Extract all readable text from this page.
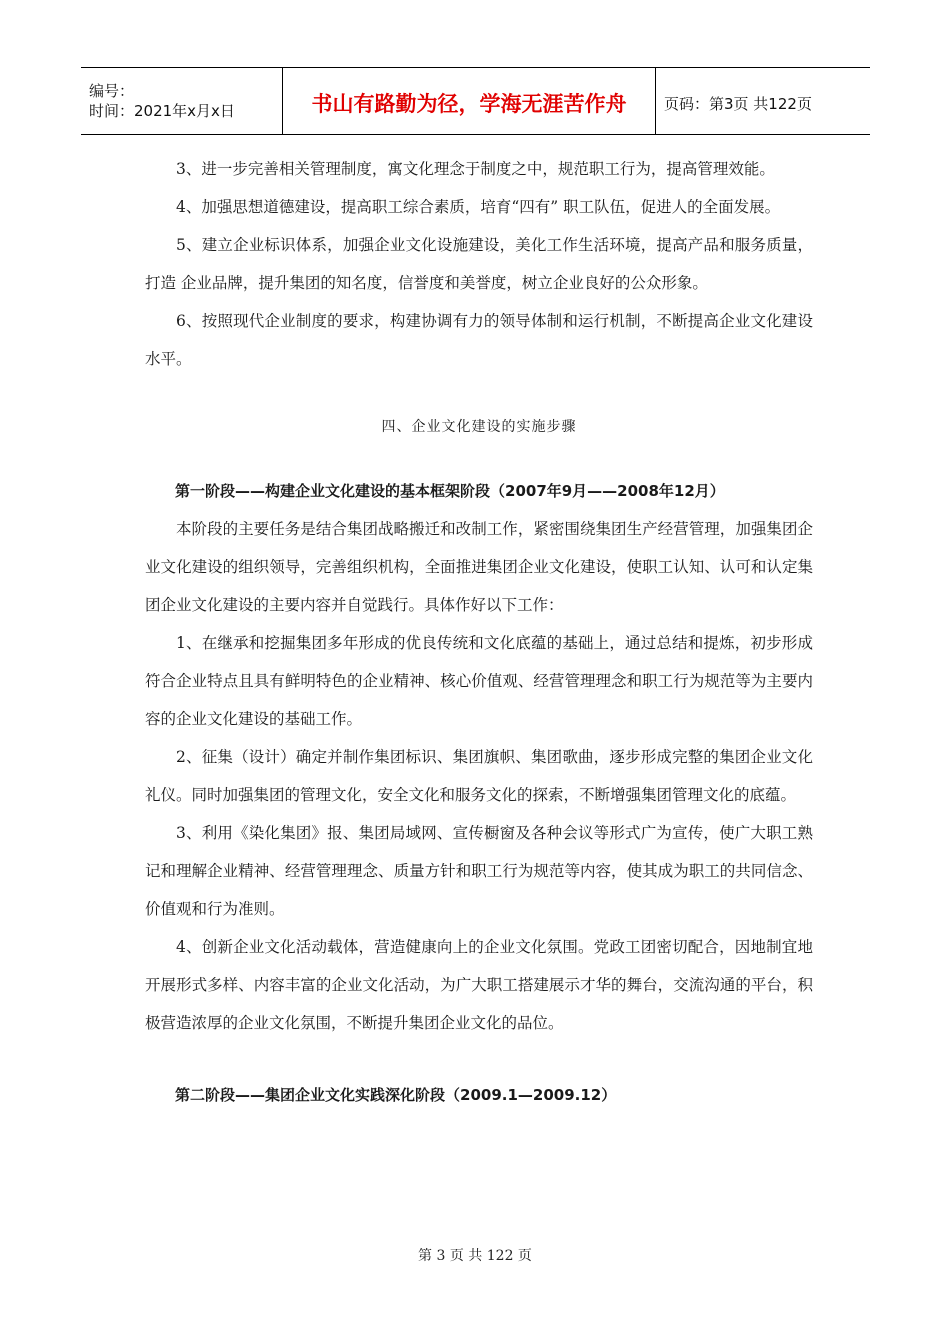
编号：
时间：2021年x月x日	书山有路勤为径，学海无涯苦作舟	页码：第3页 共122页

3、进一步完善相关管理制度，寓文化理念于制度之中，规范职工行为，提高管理效能。

4、加强思想道德建设，提高职工综合素质，培育“四有” 职工队伍，促进人的全面发展。

5、建立企业标识体系，加强企业文化设施建设，美化工作生活环境，提高产品和服务质量，打造 企业品牌，提升集团的知名度，信誉度和美誉度，树立企业良好的公众形象。

6、按照现代企业制度的要求，构建协调有力的领导体制和运行机制，不断提高企业文化建设水平。

四、企业文化建设的实施步骤
第一阶段——构建企业文化建设的基本框架阶段（2007年9月——2008年12月）

本阶段的主要任务是结合集团战略搬迁和改制工作，紧密围绕集团生产经营管理，加强集团企业文化建设的组织领导，完善组织机构，全面推进集团企业文化建设，使职工认知、认可和认定集团企业文化建设的主要内容并自觉践行。具体作好以下工作：

1、在继承和挖掘集团多年形成的优良传统和文化底蕴的基础上，通过总结和提炼，初步形成符合企业特点且具有鲜明特色的企业精神、核心价值观、经营管理理念和职工行为规范等为主要内容的企业文化建设的基础工作。

2、征集（设计）确定并制作集团标识、集团旗帜、集团歌曲，逐步形成完整的集团企业文化礼仪。同时加强集团的管理文化，安全文化和服务文化的探索，不断增强集团管理文化的底蕴。

3、利用《染化集团》报、集团局域网、宣传橱窗及各种会议等形式广为宣传，使广大职工熟记和理解企业精神、经营管理理念、质量方针和职工行为规范等内容，使其成为职工的共同信念、价值观和行为准则。

4、创新企业文化活动载体，营造健康向上的企业文化氛围。党政工团密切配合，因地制宜地开展形式多样、内容丰富的企业文化活动，为广大职工搭建展示才华的舞台，交流沟通的平台，积极营造浓厚的企业文化氛围，不断提升集团企业文化的品位。

第二阶段——集团企业文化实践深化阶段（2009.1—2009.12）
第 3 页 共 122 页
